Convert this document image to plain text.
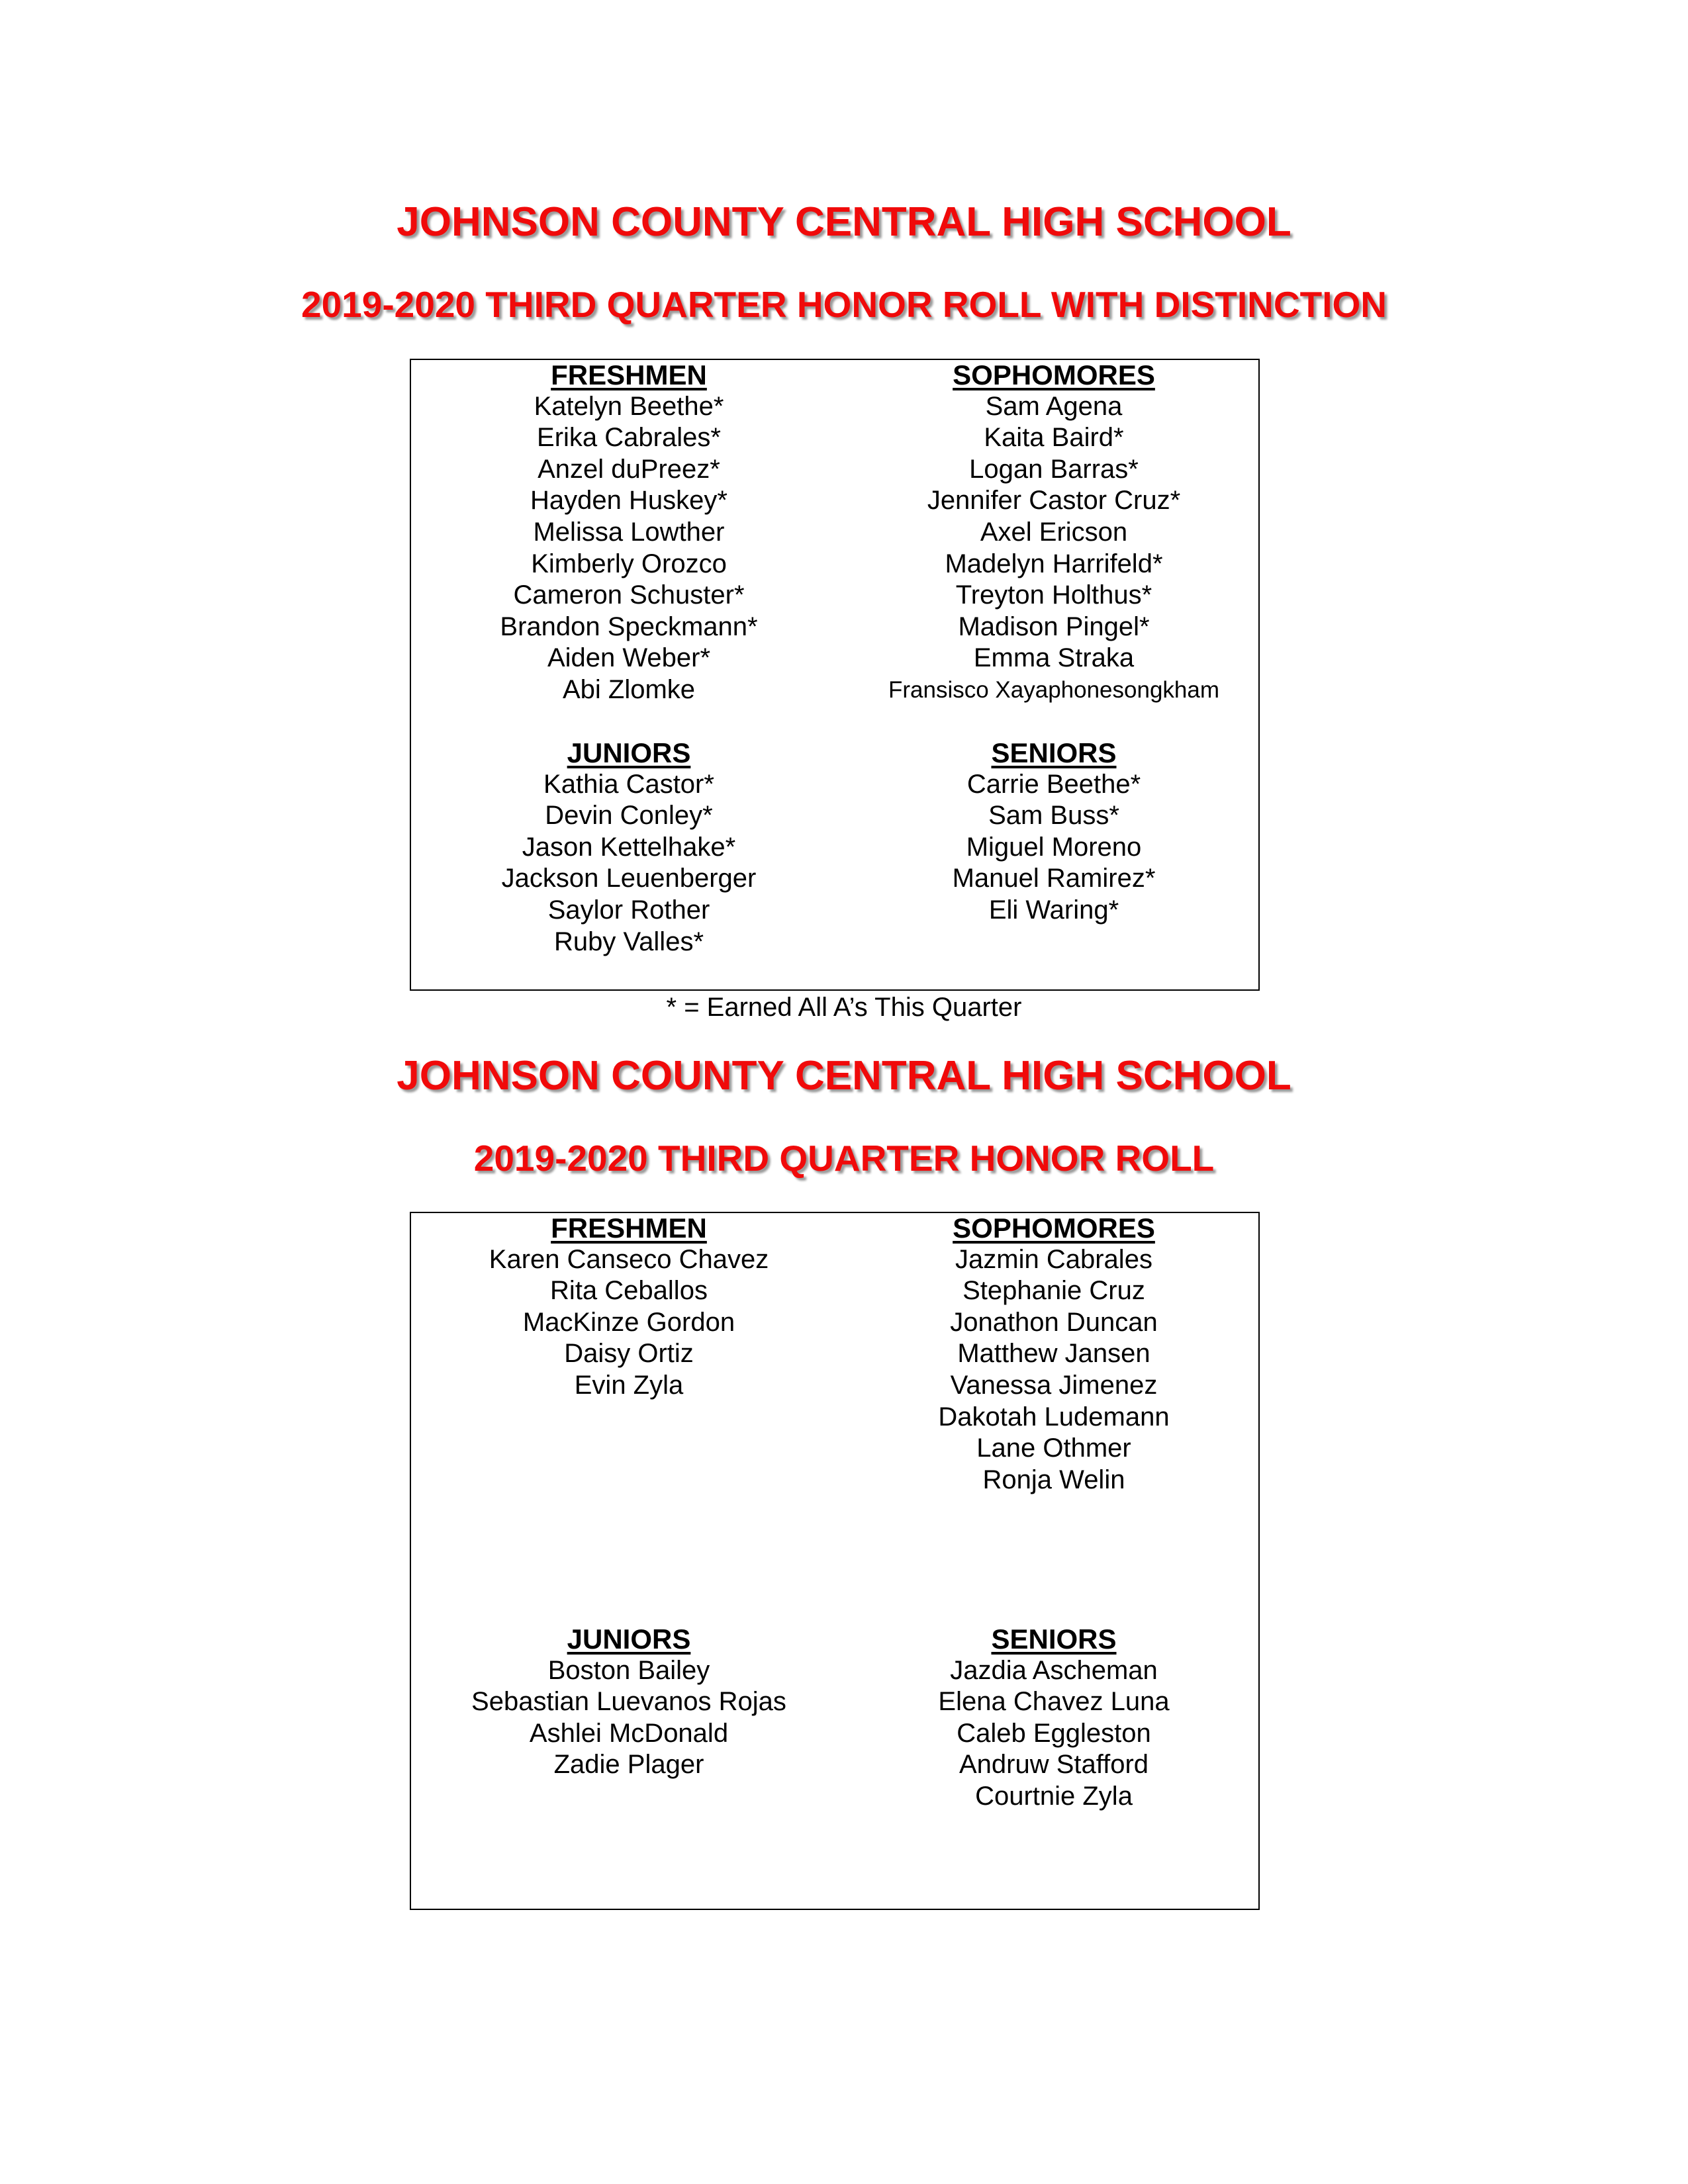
JOHNSON COUNTY CENTRAL HIGH SCHOOL
2019-2020 THIRD QUARTER HONOR ROLL WITH DISTINCTION
FRESHMEN
Katelyn Beethe*
Erika Cabrales*
Anzel duPreez*
Hayden Huskey*
Melissa Lowther
Kimberly Orozco
Cameron Schuster*
Brandon Speckmann*
Aiden Weber*
Abi Zlomke
SOPHOMORES
Sam Agena
Kaita Baird*
Logan Barras*
Jennifer Castor Cruz*
Axel Ericson
Madelyn Harrifeld*
Treyton Holthus*
Madison Pingel*
Emma Straka
Fransisco Xayaphonesongkham
JUNIORS
Kathia Castor*
Devin Conley*
Jason Kettelhake*
Jackson Leuenberger
Saylor Rother
Ruby Valles*
SENIORS
Carrie Beethe*
Sam Buss*
Miguel Moreno
Manuel Ramirez*
Eli Waring*
* = Earned All A’s This Quarter
JOHNSON COUNTY CENTRAL HIGH SCHOOL
2019-2020 THIRD QUARTER HONOR ROLL
FRESHMEN
Karen Canseco Chavez
Rita Ceballos
MacKinze Gordon
Daisy Ortiz
Evin Zyla
SOPHOMORES
Jazmin Cabrales
Stephanie Cruz
Jonathon Duncan
Matthew Jansen
Vanessa Jimenez
Dakotah Ludemann
Lane Othmer
Ronja Welin
JUNIORS
Boston Bailey
Sebastian Luevanos Rojas
Ashlei McDonald
Zadie Plager
SENIORS
Jazdia Ascheman
Elena Chavez Luna
Caleb Eggleston
Andruw Stafford
Courtnie Zyla
